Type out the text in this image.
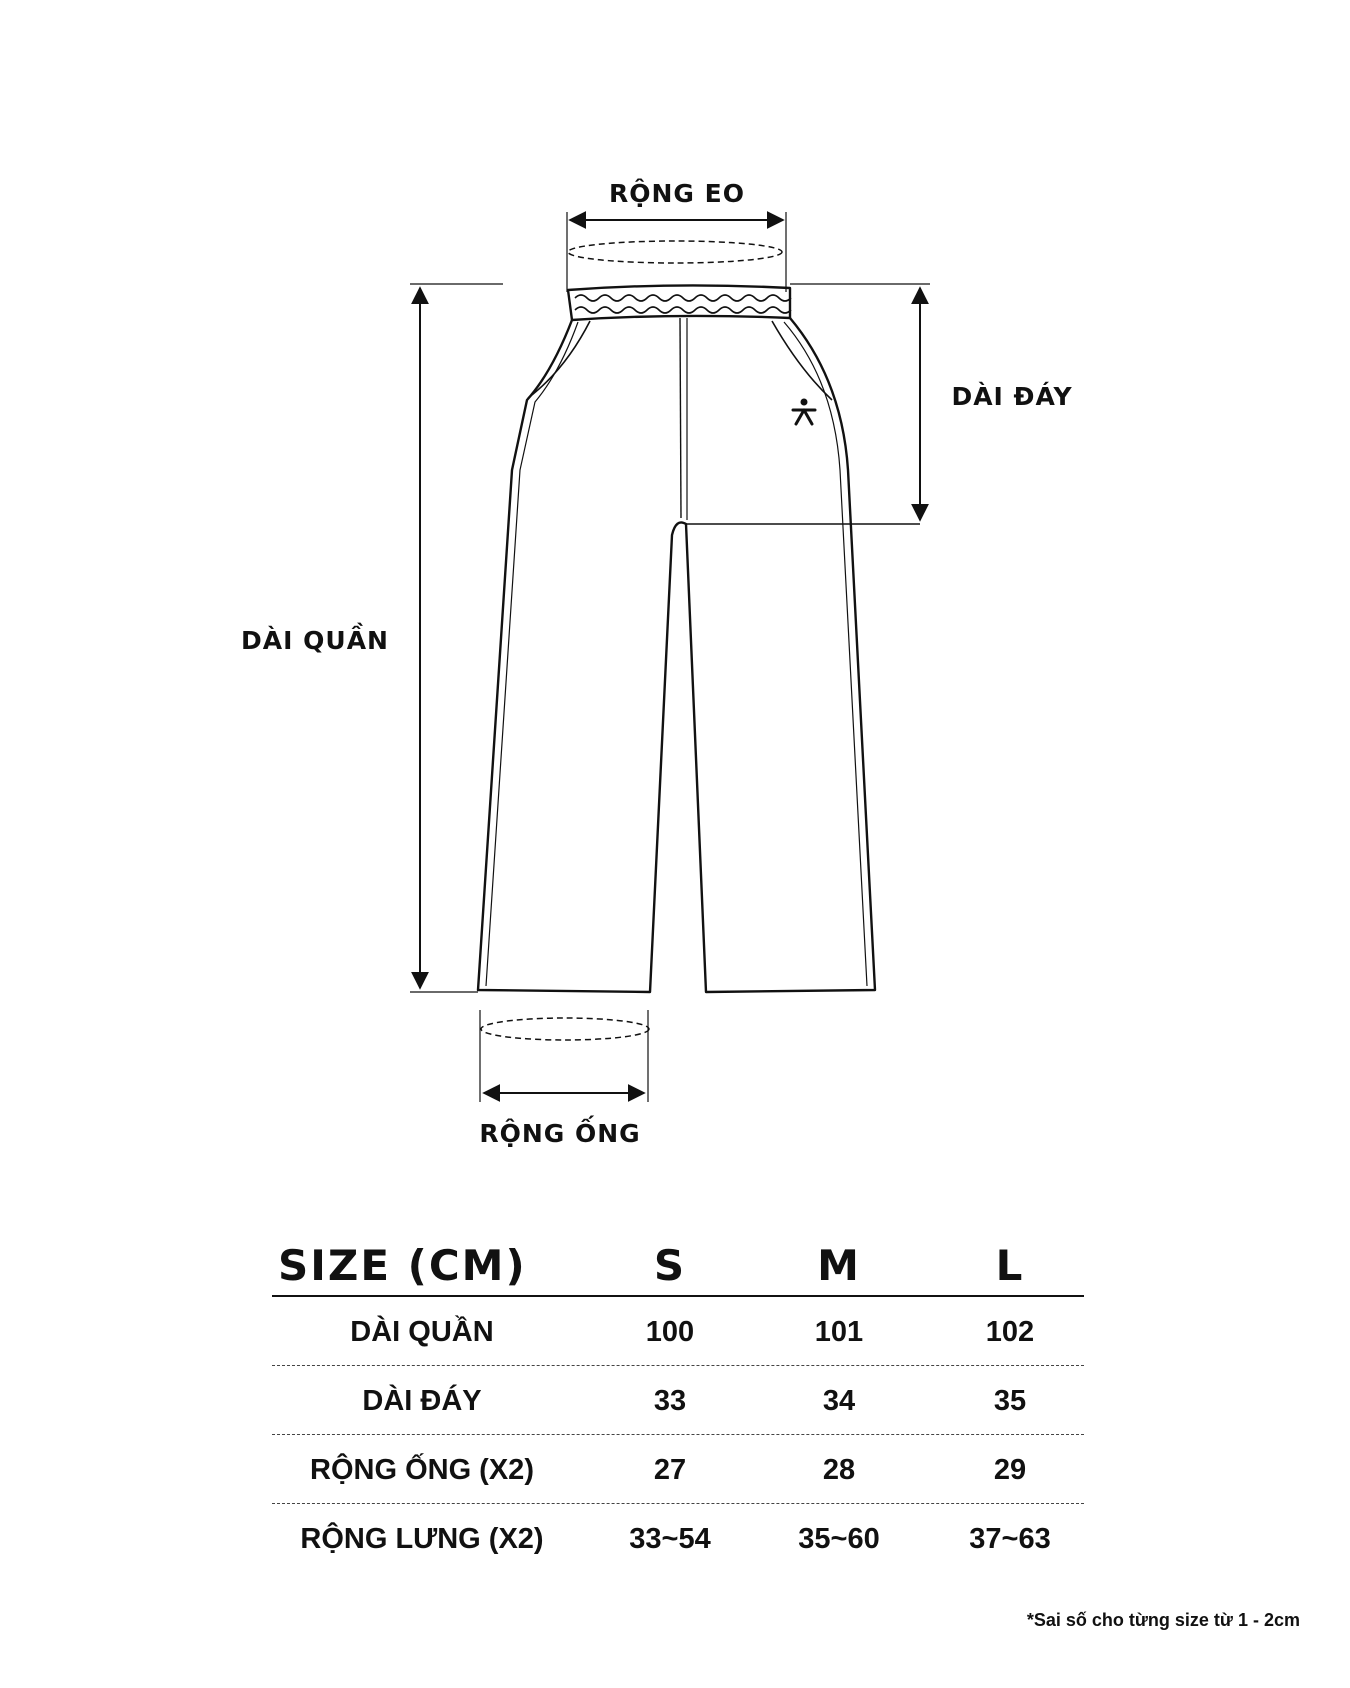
RỘNG EO
DÀI ĐÁY
DÀI QUẦN
RỘNG ỐNG
SIZE (CM)	S	M	L
DÀI QUẦN	100	101	102
DÀI ĐÁY	33	34	35
RỘNG ỐNG (X2)	27	28	29
RỘNG LƯNG (X2)	33~54	35~60	37~63
*Sai số cho từng size từ 1 - 2cm
